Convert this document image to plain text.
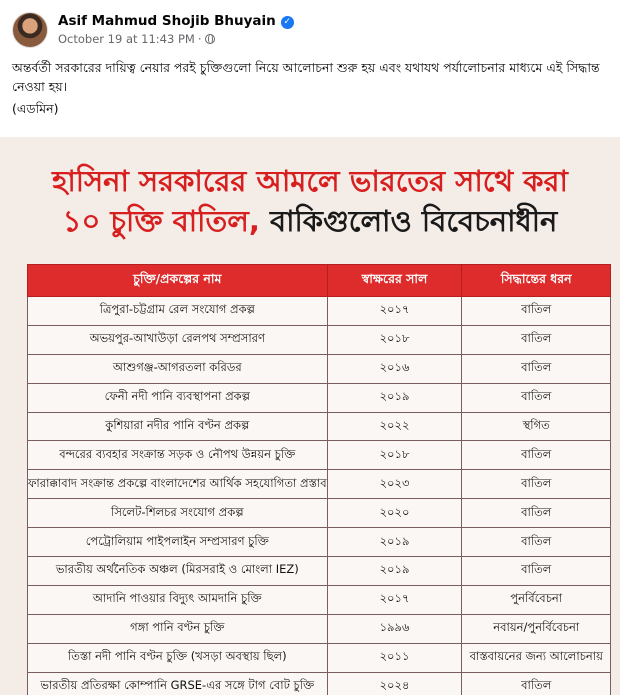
Asif Mahmud Shojib Bhuyain ✓
October 19 at 11:43 PM ·

অন্তর্বর্তী সরকারের দায়িত্ব নেয়ার পরই চুক্তিগুলো নিয়ে আলোচনা শুরু হয় এবং যথাযথ পর্যালোচনার মাধ্যমে এই সিদ্ধান্ত নেওয়া হয়।

(এডমিন)

হাসিনা সরকারের আমলে ভারতের সাথে করা
১০ চুক্তি বাতিল, বাকিগুলোও বিবেচনাধীন
চুক্তি/প্রকল্পের নাম	স্বাক্ষরের সাল	সিদ্ধান্তের ধরন
ত্রিপুরা-চট্টগ্রাম রেল সংযোগ প্রকল্প	২০১৭	বাতিল
অভয়পুর-আখাউড়া রেলপথ সম্প্রসারণ	২০১৮	বাতিল
আশুগঞ্জ-আগরতলা করিডর	২০১৬	বাতিল
ফেনী নদী পানি ব্যবস্থাপনা প্রকল্প	২০১৯	বাতিল
কুশিয়ারা নদীর পানি বণ্টন প্রকল্প	২০২২	স্থগিত
বন্দরের ব্যবহার সংক্রান্ত সড়ক ও নৌপথ উন্নয়ন চুক্তি	২০১৮	বাতিল
ফারাক্কাবাদ সংক্রান্ত প্রকল্পে বাংলাদেশের আর্থিক সহযোগিতা প্রস্তাব	২০২৩	বাতিল
সিলেট-শিলচর সংযোগ প্রকল্প	২০২০	বাতিল
পেট্রোলিয়াম পাইপলাইন সম্প্রসারণ চুক্তি	২০১৯	বাতিল
ভারতীয় অর্থনৈতিক অঞ্চল (মিরসরাই ও মোংলা IEZ)	২০১৯	বাতিল
আদানি পাওয়ার বিদ্যুৎ আমদানি চুক্তি	২০১৭	পুনর্বিবেচনা
গঙ্গা পানি বণ্টন চুক্তি	১৯৯৬	নবায়ন/পুনর্বিবেচনা
তিস্তা নদী পানি বণ্টন চুক্তি (খসড়া অবস্থায় ছিল)	২০১১	বাস্তবায়নের জন্য আলোচনায়
ভারতীয় প্রতিরক্ষা কোম্পানি GRSE-এর সঙ্গে টাগ বোট চুক্তি	২০২৪	বাতিল
